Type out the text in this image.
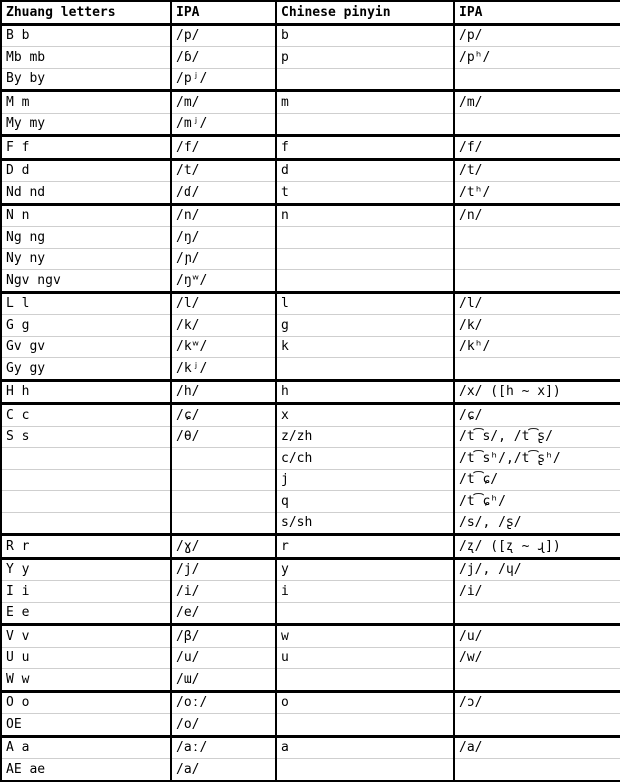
Zhuang letters	IPA	Chinese pinyin	IPA
B b	/p/	b	/p/
Mb mb	/ɓ/	p	/pʰ/
By by	/pʲ/		
M m	/m/	m	/m/
My my	/mʲ/		
F f	/f/	f	/f/
D d	/t/	d	/t/
Nd nd	/ɗ/	t	/tʰ/
N n	/n/	n	/n/
Ng ng	/ŋ/		
Ny ny	/ɲ/		
Ngv ngv	/ŋʷ/		
L l	/l/	l	/l/
G g	/k/	g	/k/
Gv gv	/kʷ/	k	/kʰ/
Gy gy	/kʲ/		
H h	/h/	h	/x/ ([h ~ x])
C c	/ɕ/	x	/ɕ/
S s	/θ/	z/zh	/t͡s/, /t͡ʂ/
		c/ch	/t͡sʰ/,/t͡ʂʰ/
		j	/t͡ɕ/
		q	/t͡ɕʰ/
		s/sh	/s/, /ʂ/
R r	/ɣ/	r	/ʐ/ ([ʐ ~ ɻ])
Y y	/j/	y	/j/, /ɥ/
I i	/i/	i	/i/
E e	/e/		
V v	/β/	w	/u/
U u	/u/	u	/w/
W w	/ɯ/		
O o	/oː/	o	/ɔ/
OE	/o/		
A a	/aː/	a	/a/
AE ae	/a/		
